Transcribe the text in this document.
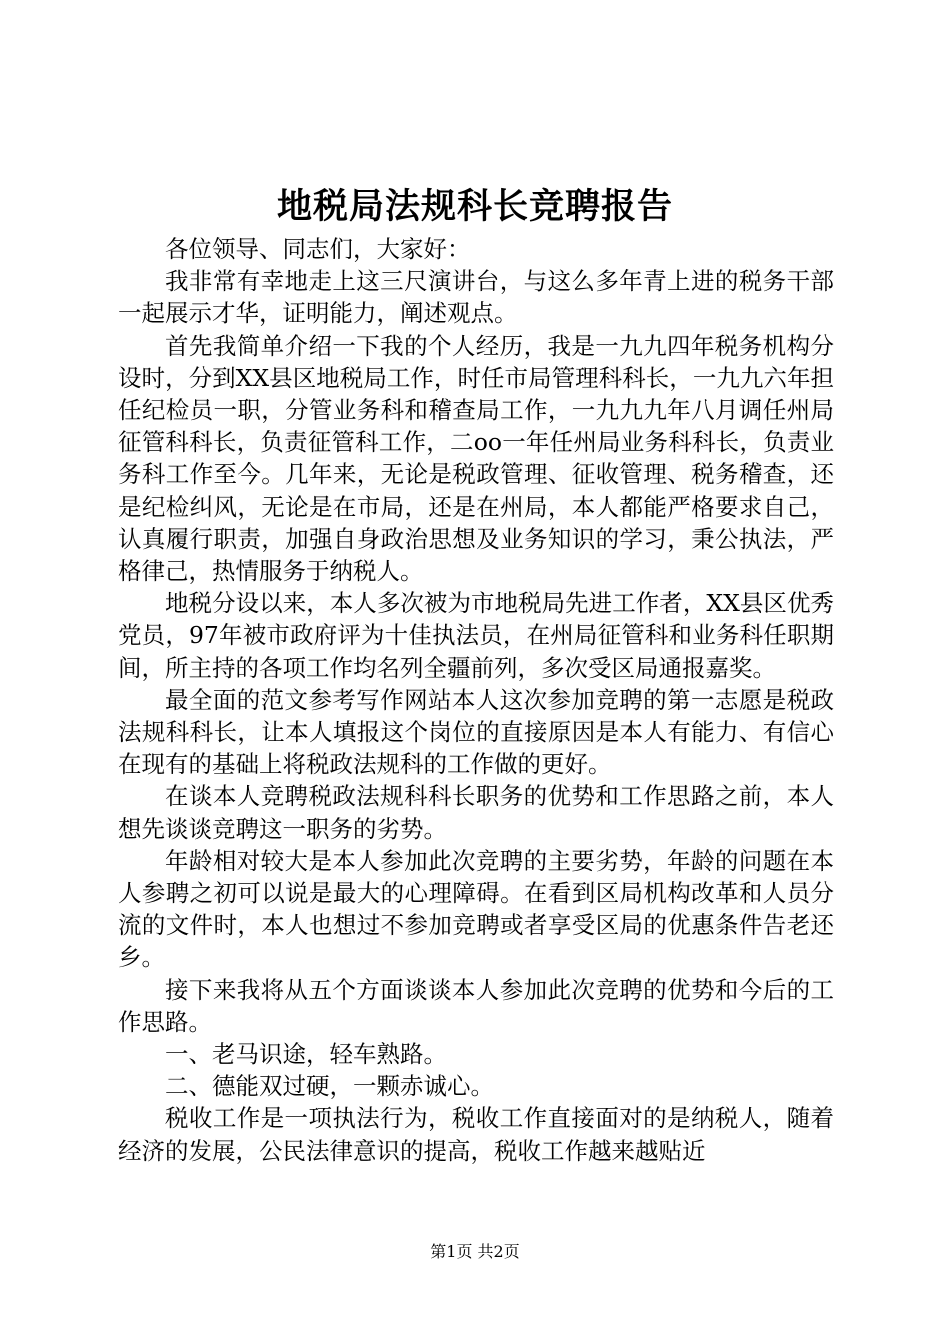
地税局法规科长竞聘报告

各位领导、同志们，大家好：

我非常有幸地走上这三尺演讲台，与这么多年青上进的税务干部一起展示才华，证明能力，阐述观点。

首先我简单介绍一下我的个人经历，我是一九九四年税务机构分设时，分到XX县区地税局工作，时任市局管理科科长，一九九六年担任纪检员一职，分管业务科和稽查局工作，一九九九年八月调任州局征管科科长，负责征管科工作，二oo一年任州局业务科科长，负责业务科工作至今。几年来，无论是税政管理、征收管理、税务稽查，还是纪检纠风，无论是在市局，还是在州局，本人都能严格要求自己，认真履行职责，加强自身政治思想及业务知识的学习，秉公执法，严格律己，热情服务于纳税人。

地税分设以来，本人多次被为市地税局先进工作者，XX县区优秀党员，97年被市政府评为十佳执法员，在州局征管科和业务科任职期间，所主持的各项工作均名列全疆前列，多次受区局通报嘉奖。

最全面的范文参考写作网站本人这次参加竞聘的第一志愿是税政法规科科长，让本人填报这个岗位的直接原因是本人有能力、有信心在现有的基础上将税政法规科的工作做的更好。

在谈本人竞聘税政法规科科长职务的优势和工作思路之前，本人想先谈谈竞聘这一职务的劣势。

年龄相对较大是本人参加此次竞聘的主要劣势，年龄的问题在本人参聘之初可以说是最大的心理障碍。在看到区局机构改革和人员分流的文件时，本人也想过不参加竞聘或者享受区局的优惠条件告老还乡。

接下来我将从五个方面谈谈本人参加此次竞聘的优势和今后的工作思路。

一、老马识途，轻车熟路。

二、德能双过硬，一颗赤诚心。

税收工作是一项执法行为，税收工作直接面对的是纳税人，随着经济的发展，公民法律意识的提高，税收工作越来越贴近

第1页 共2页
